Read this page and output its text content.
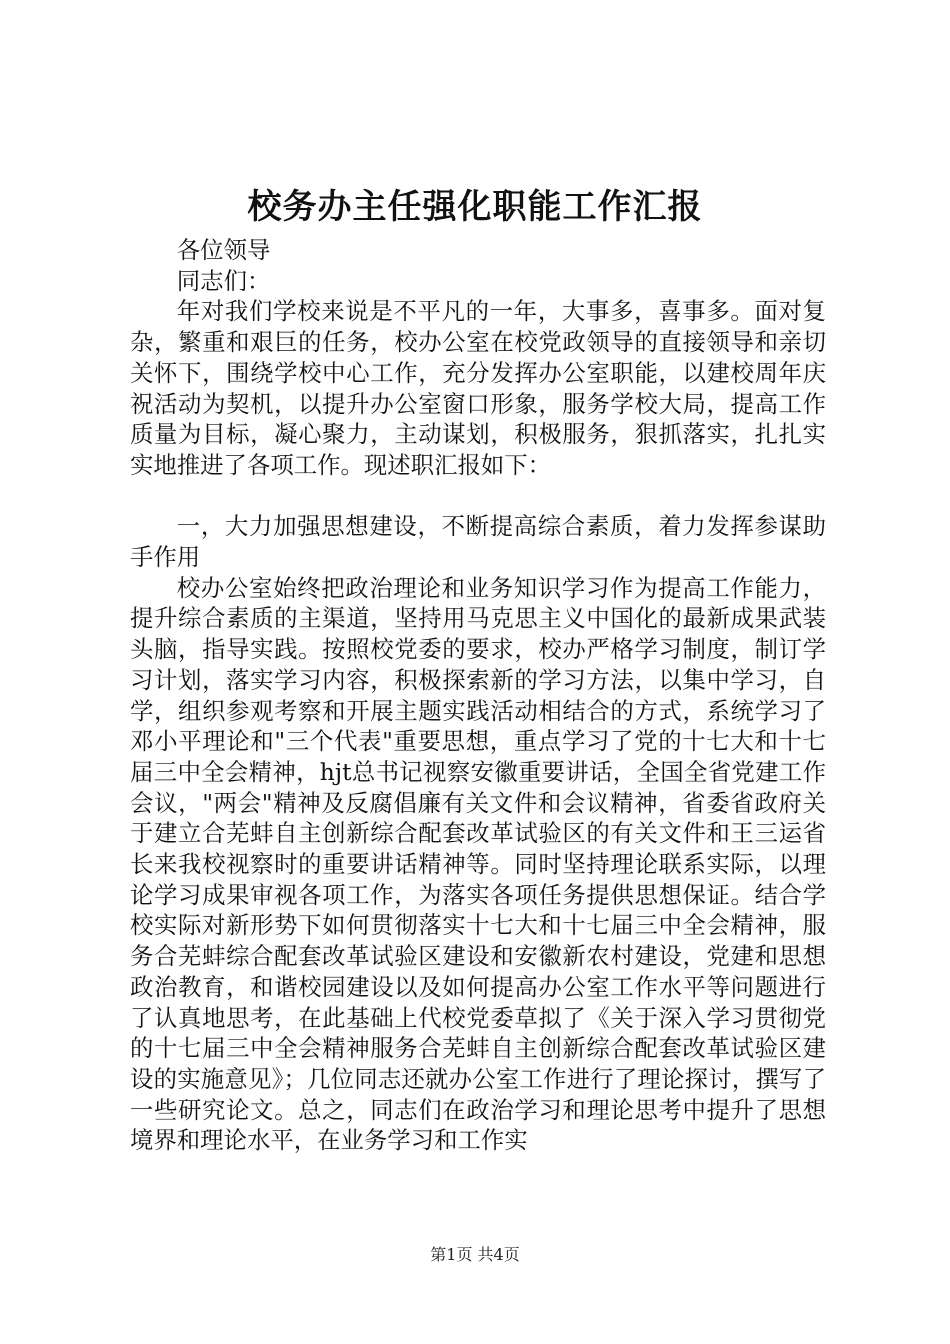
校务办主任强化职能工作汇报

各位领导

同志们：

年对我们学校来说是不平凡的一年，大事多，喜事多。面对复杂，繁重和艰巨的任务，校办公室在校党政领导的直接领导和亲切关怀下，围绕学校中心工作，充分发挥办公室职能，以建校周年庆祝活动为契机，以提升办公室窗口形象，服务学校大局，提高工作质量为目标，凝心聚力，主动谋划，积极服务，狠抓落实，扎扎实实地推进了各项工作。现述职汇报如下：

一，大力加强思想建设，不断提高综合素质，着力发挥参谋助手作用

校办公室始终把政治理论和业务知识学习作为提高工作能力，提升综合素质的主渠道，坚持用马克思主义中国化的最新成果武装头脑，指导实践。按照校党委的要求，校办严格学习制度，制订学习计划，落实学习内容，积极探索新的学习方法，以集中学习，自学，组织参观考察和开展主题实践活动相结合的方式，系统学习了邓小平理论和"三个代表"重要思想，重点学习了党的十七大和十七届三中全会精神，hjt总书记视察安徽重要讲话，全国全省党建工作会议，"两会"精神及反腐倡廉有关文件和会议精神，省委省政府关于建立合芜蚌自主创新综合配套改革试验区的有关文件和王三运省长来我校视察时的重要讲话精神等。同时坚持理论联系实际，以理论学习成果审视各项工作，为落实各项任务提供思想保证。结合学校实际对新形势下如何贯彻落实十七大和十七届三中全会精神，服务合芜蚌综合配套改革试验区建设和安徽新农村建设，党建和思想政治教育，和谐校园建设以及如何提高办公室工作水平等问题进行了认真地思考，在此基础上代校党委草拟了《关于深入学习贯彻党的十七届三中全会精神服务合芜蚌自主创新综合配套改革试验区建设的实施意见》；几位同志还就办公室工作进行了理论探讨，撰写了一些研究论文。总之，同志们在政治学习和理论思考中提升了思想境界和理论水平，在业务学习和工作实

第1页 共4页
